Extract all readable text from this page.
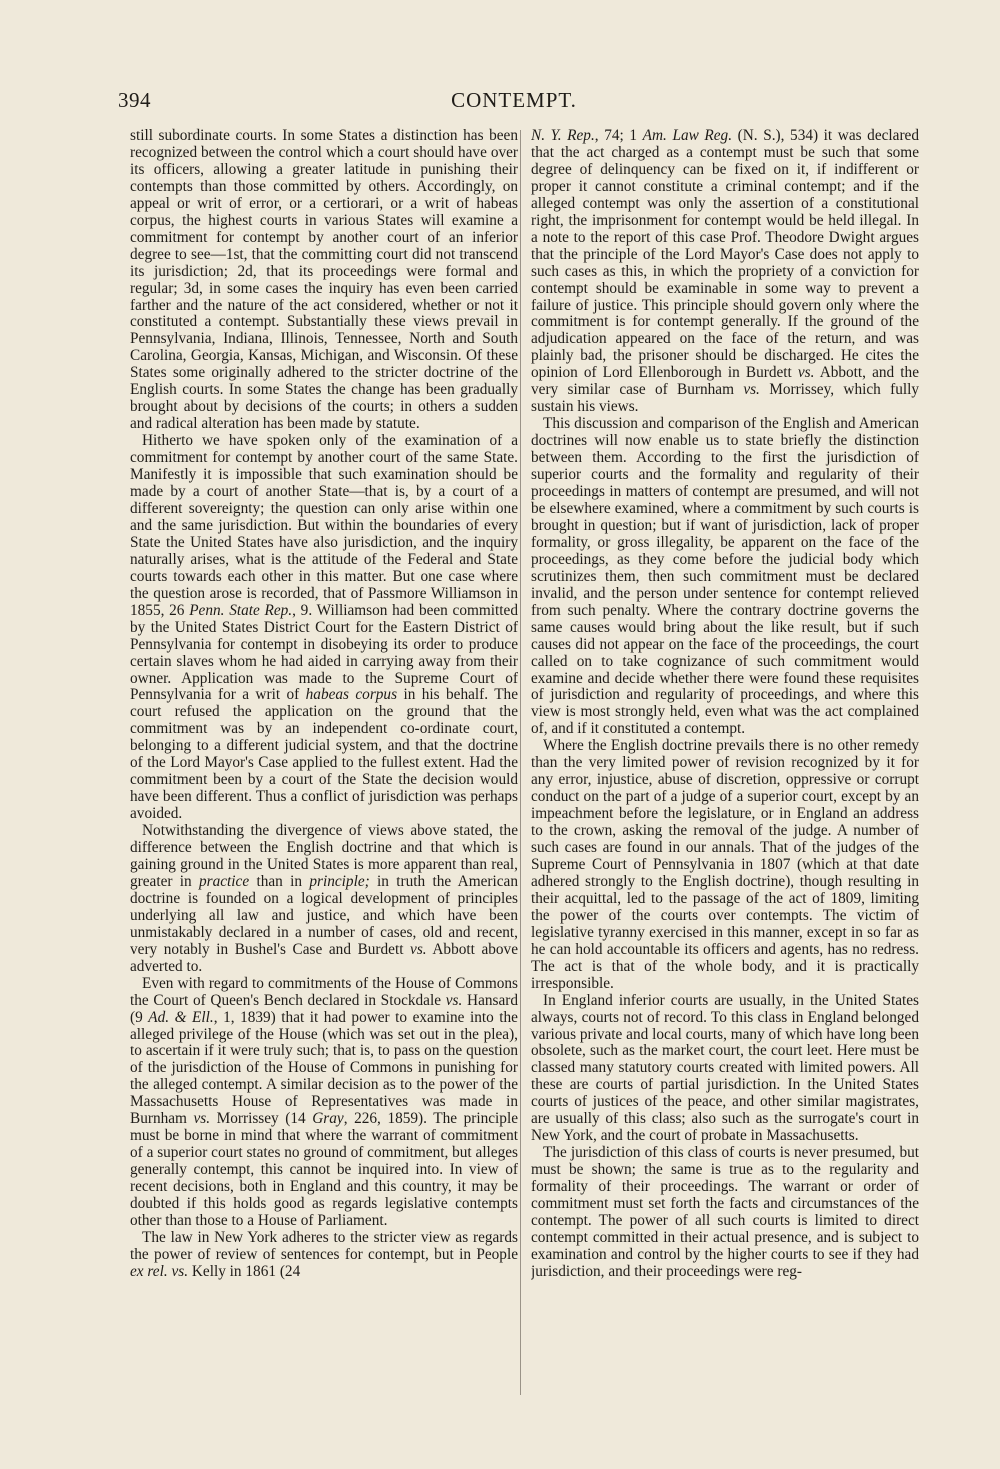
394	CONTEMPT.

still subordinate courts. In some States a distinction has been recognized between the control which a court should have over its officers, allowing a greater latitude in punishing their contempts than those committed by others. Accordingly, on appeal or writ of error, or a certiorari, or a writ of habeas corpus, the highest courts in various States will examine a commitment for contempt by another court of an inferior degree to see—1st, that the committing court did not transcend its jurisdiction; 2d, that its proceedings were formal and regular; 3d, in some cases the inquiry has even been carried farther and the nature of the act considered, whether or not it constituted a contempt. Substantially these views prevail in Pennsylvania, Indiana, Illinois, Tennessee, North and South Carolina, Georgia, Kansas, Michigan, and Wisconsin. Of these States some originally adhered to the stricter doctrine of the English courts. In some States the change has been gradually brought about by decisions of the courts; in others a sudden and radical alteration has been made by statute.

Hitherto we have spoken only of the examination of a commitment for contempt by another court of the same State. Manifestly it is impossible that such examination should be made by a court of another State—that is, by a court of a different sovereignty; the question can only arise within one and the same jurisdiction. But within the boundaries of every State the United States have also jurisdiction, and the inquiry naturally arises, what is the attitude of the Federal and State courts towards each other in this matter. But one case where the question arose is recorded, that of Passmore Williamson in 1855, 26 Penn. State Rep., 9. Williamson had been committed by the United States District Court for the Eastern District of Pennsylvania for contempt in disobeying its order to produce certain slaves whom he had aided in carrying away from their owner. Application was made to the Supreme Court of Pennsylvania for a writ of habeas corpus in his behalf. The court refused the application on the ground that the commitment was by an independent co-ordinate court, belonging to a different judicial system, and that the doctrine of the Lord Mayor's Case applied to the fullest extent. Had the commitment been by a court of the State the decision would have been different. Thus a conflict of jurisdiction was perhaps avoided.

Notwithstanding the divergence of views above stated, the difference between the English doctrine and that which is gaining ground in the United States is more apparent than real, greater in practice than in principle; in truth the American doctrine is founded on a logical development of principles underlying all law and justice, and which have been unmistakably declared in a number of cases, old and recent, very notably in Bushel's Case and Burdett vs. Abbott above adverted to.

Even with regard to commitments of the House of Commons the Court of Queen's Bench declared in Stockdale vs. Hansard (9 Ad. & Ell., 1, 1839) that it had power to examine into the alleged privilege of the House (which was set out in the plea), to ascertain if it were truly such; that is, to pass on the question of the jurisdiction of the House of Commons in punishing for the alleged contempt. A similar decision as to the power of the Massachusetts House of Representatives was made in Burnham vs. Morrissey (14 Gray, 226, 1859). The principle must be borne in mind that where the warrant of commitment of a superior court states no ground of commitment, but alleges generally contempt, this cannot be inquired into. In view of recent decisions, both in England and this country, it may be doubted if this holds good as regards legislative contempts other than those to a House of Parliament.

The law in New York adheres to the stricter view as regards the power of review of sentences for contempt, but in People ex rel. vs. Kelly in 1861 (24

N. Y. Rep., 74; 1 Am. Law Reg. (N. S.), 534) it was declared that the act charged as a contempt must be such that some degree of delinquency can be fixed on it, if indifferent or proper it cannot constitute a criminal contempt; and if the alleged contempt was only the assertion of a constitutional right, the imprisonment for contempt would be held illegal. In a note to the report of this case Prof. Theodore Dwight argues that the principle of the Lord Mayor's Case does not apply to such cases as this, in which the propriety of a conviction for contempt should be examinable in some way to prevent a failure of justice. This principle should govern only where the commitment is for contempt generally. If the ground of the adjudication appeared on the face of the return, and was plainly bad, the prisoner should be discharged. He cites the opinion of Lord Ellenborough in Burdett vs. Abbott, and the very similar case of Burnham vs. Morrissey, which fully sustain his views.

This discussion and comparison of the English and American doctrines will now enable us to state briefly the distinction between them. According to the first the jurisdiction of superior courts and the formality and regularity of their proceedings in matters of contempt are presumed, and will not be elsewhere examined, where a commitment by such courts is brought in question; but if want of jurisdiction, lack of proper formality, or gross illegality, be apparent on the face of the proceedings, as they come before the judicial body which scrutinizes them, then such commitment must be declared invalid, and the person under sentence for contempt relieved from such penalty. Where the contrary doctrine governs the same causes would bring about the like result, but if such causes did not appear on the face of the proceedings, the court called on to take cognizance of such commitment would examine and decide whether there were found these requisites of jurisdiction and regularity of proceedings, and where this view is most strongly held, even what was the act complained of, and if it constituted a contempt.

Where the English doctrine prevails there is no other remedy than the very limited power of revision recognized by it for any error, injustice, abuse of discretion, oppressive or corrupt conduct on the part of a judge of a superior court, except by an impeachment before the legislature, or in England an address to the crown, asking the removal of the judge. A number of such cases are found in our annals. That of the judges of the Supreme Court of Pennsylvania in 1807 (which at that date adhered strongly to the English doctrine), though resulting in their acquittal, led to the passage of the act of 1809, limiting the power of the courts over contempts. The victim of legislative tyranny exercised in this manner, except in so far as he can hold accountable its officers and agents, has no redress. The act is that of the whole body, and it is practically irresponsible.

In England inferior courts are usually, in the United States always, courts not of record. To this class in England belonged various private and local courts, many of which have long been obsolete, such as the market court, the court leet. Here must be classed many statutory courts created with limited powers. All these are courts of partial jurisdiction. In the United States courts of justices of the peace, and other similar magistrates, are usually of this class; also such as the surrogate's court in New York, and the court of probate in Massachusetts.

The jurisdiction of this class of courts is never presumed, but must be shown; the same is true as to the regularity and formality of their proceedings. The warrant or order of commitment must set forth the facts and circumstances of the contempt. The power of all such courts is limited to direct contempt committed in their actual presence, and is subject to examination and control by the higher courts to see if they had jurisdiction, and their proceedings were reg-
